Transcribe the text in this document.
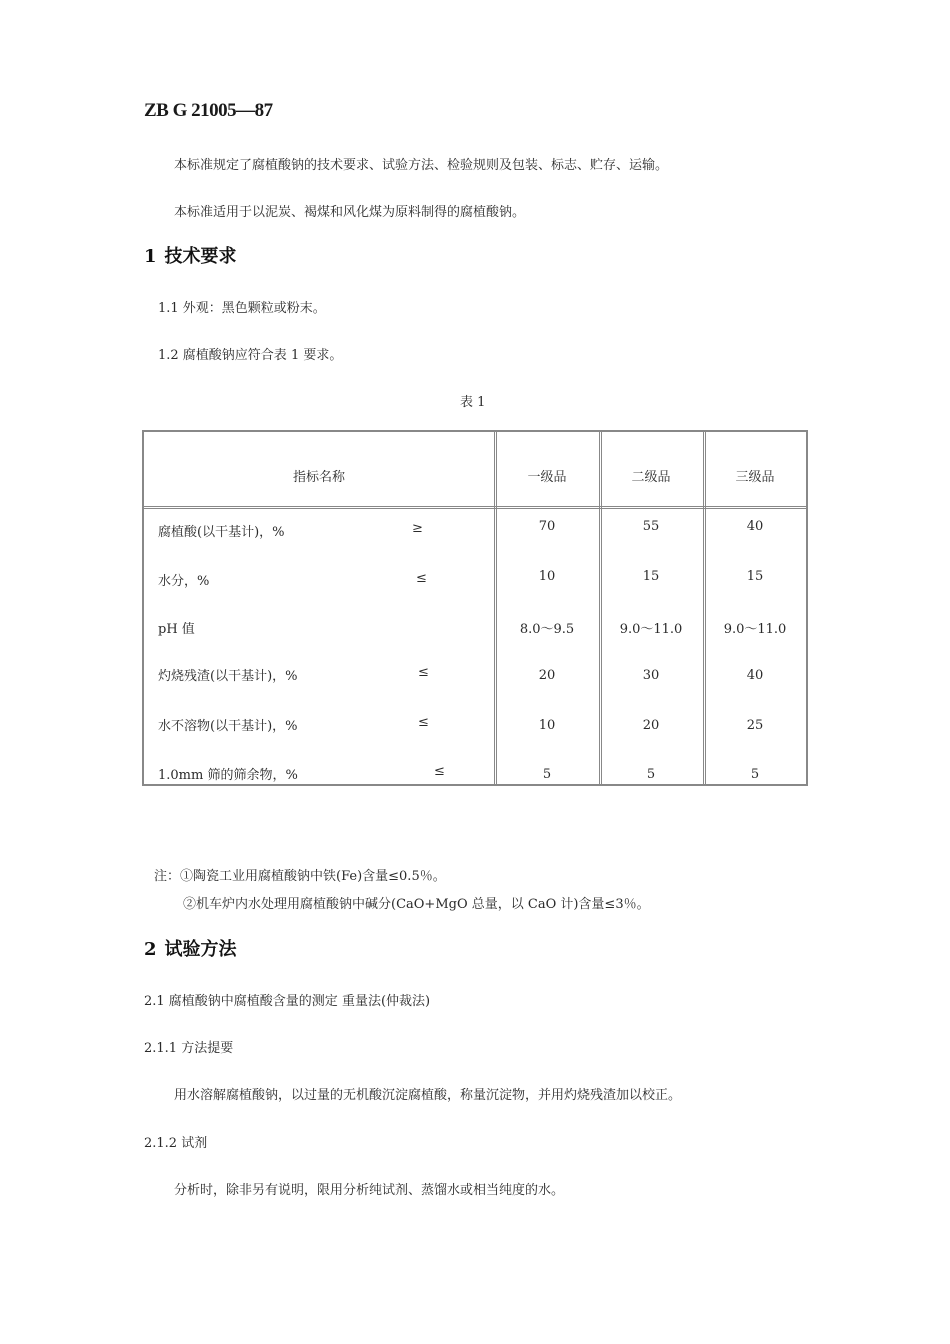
ZB G 21005—87
本标准规定了腐植酸钠的技术要求、试验方法、检验规则及包装、标志、贮存、运输。
本标准适用于以泥炭、褐煤和风化煤为原料制得的腐植酸钠。
1 技术要求
1.1 外观：黑色颗粒或粉末。
1.2 腐植酸钠应符合表 1 要求。
表 1
指标名称	一级品	二级品	三级品
腐植酸(以干基计)，%	≥	70	55	40
水分，%	≤	10	15	15
pH 值	8.0～9.5	9.0～11.0	9.0～11.0
灼烧残渣(以干基计)，%	≤	20	30	40
水不溶物(以干基计)，%	≤	10	20	25
1.0mm 筛的筛余物，%	≤	5	5	5
注：①陶瓷工业用腐植酸钠中铁(Fe)含量≤0.5％。
②机车炉内水处理用腐植酸钠中碱分(CaO+MgO 总量，以 CaO 计)含量≤3％。
2 试验方法
2.1 腐植酸钠中腐植酸含量的测定 重量法(仲裁法)
2.1.1 方法提要
用水溶解腐植酸钠，以过量的无机酸沉淀腐植酸，称量沉淀物，并用灼烧残渣加以校正。
2.1.2 试剂
分析时，除非另有说明，限用分析纯试剂、蒸馏水或相当纯度的水。
